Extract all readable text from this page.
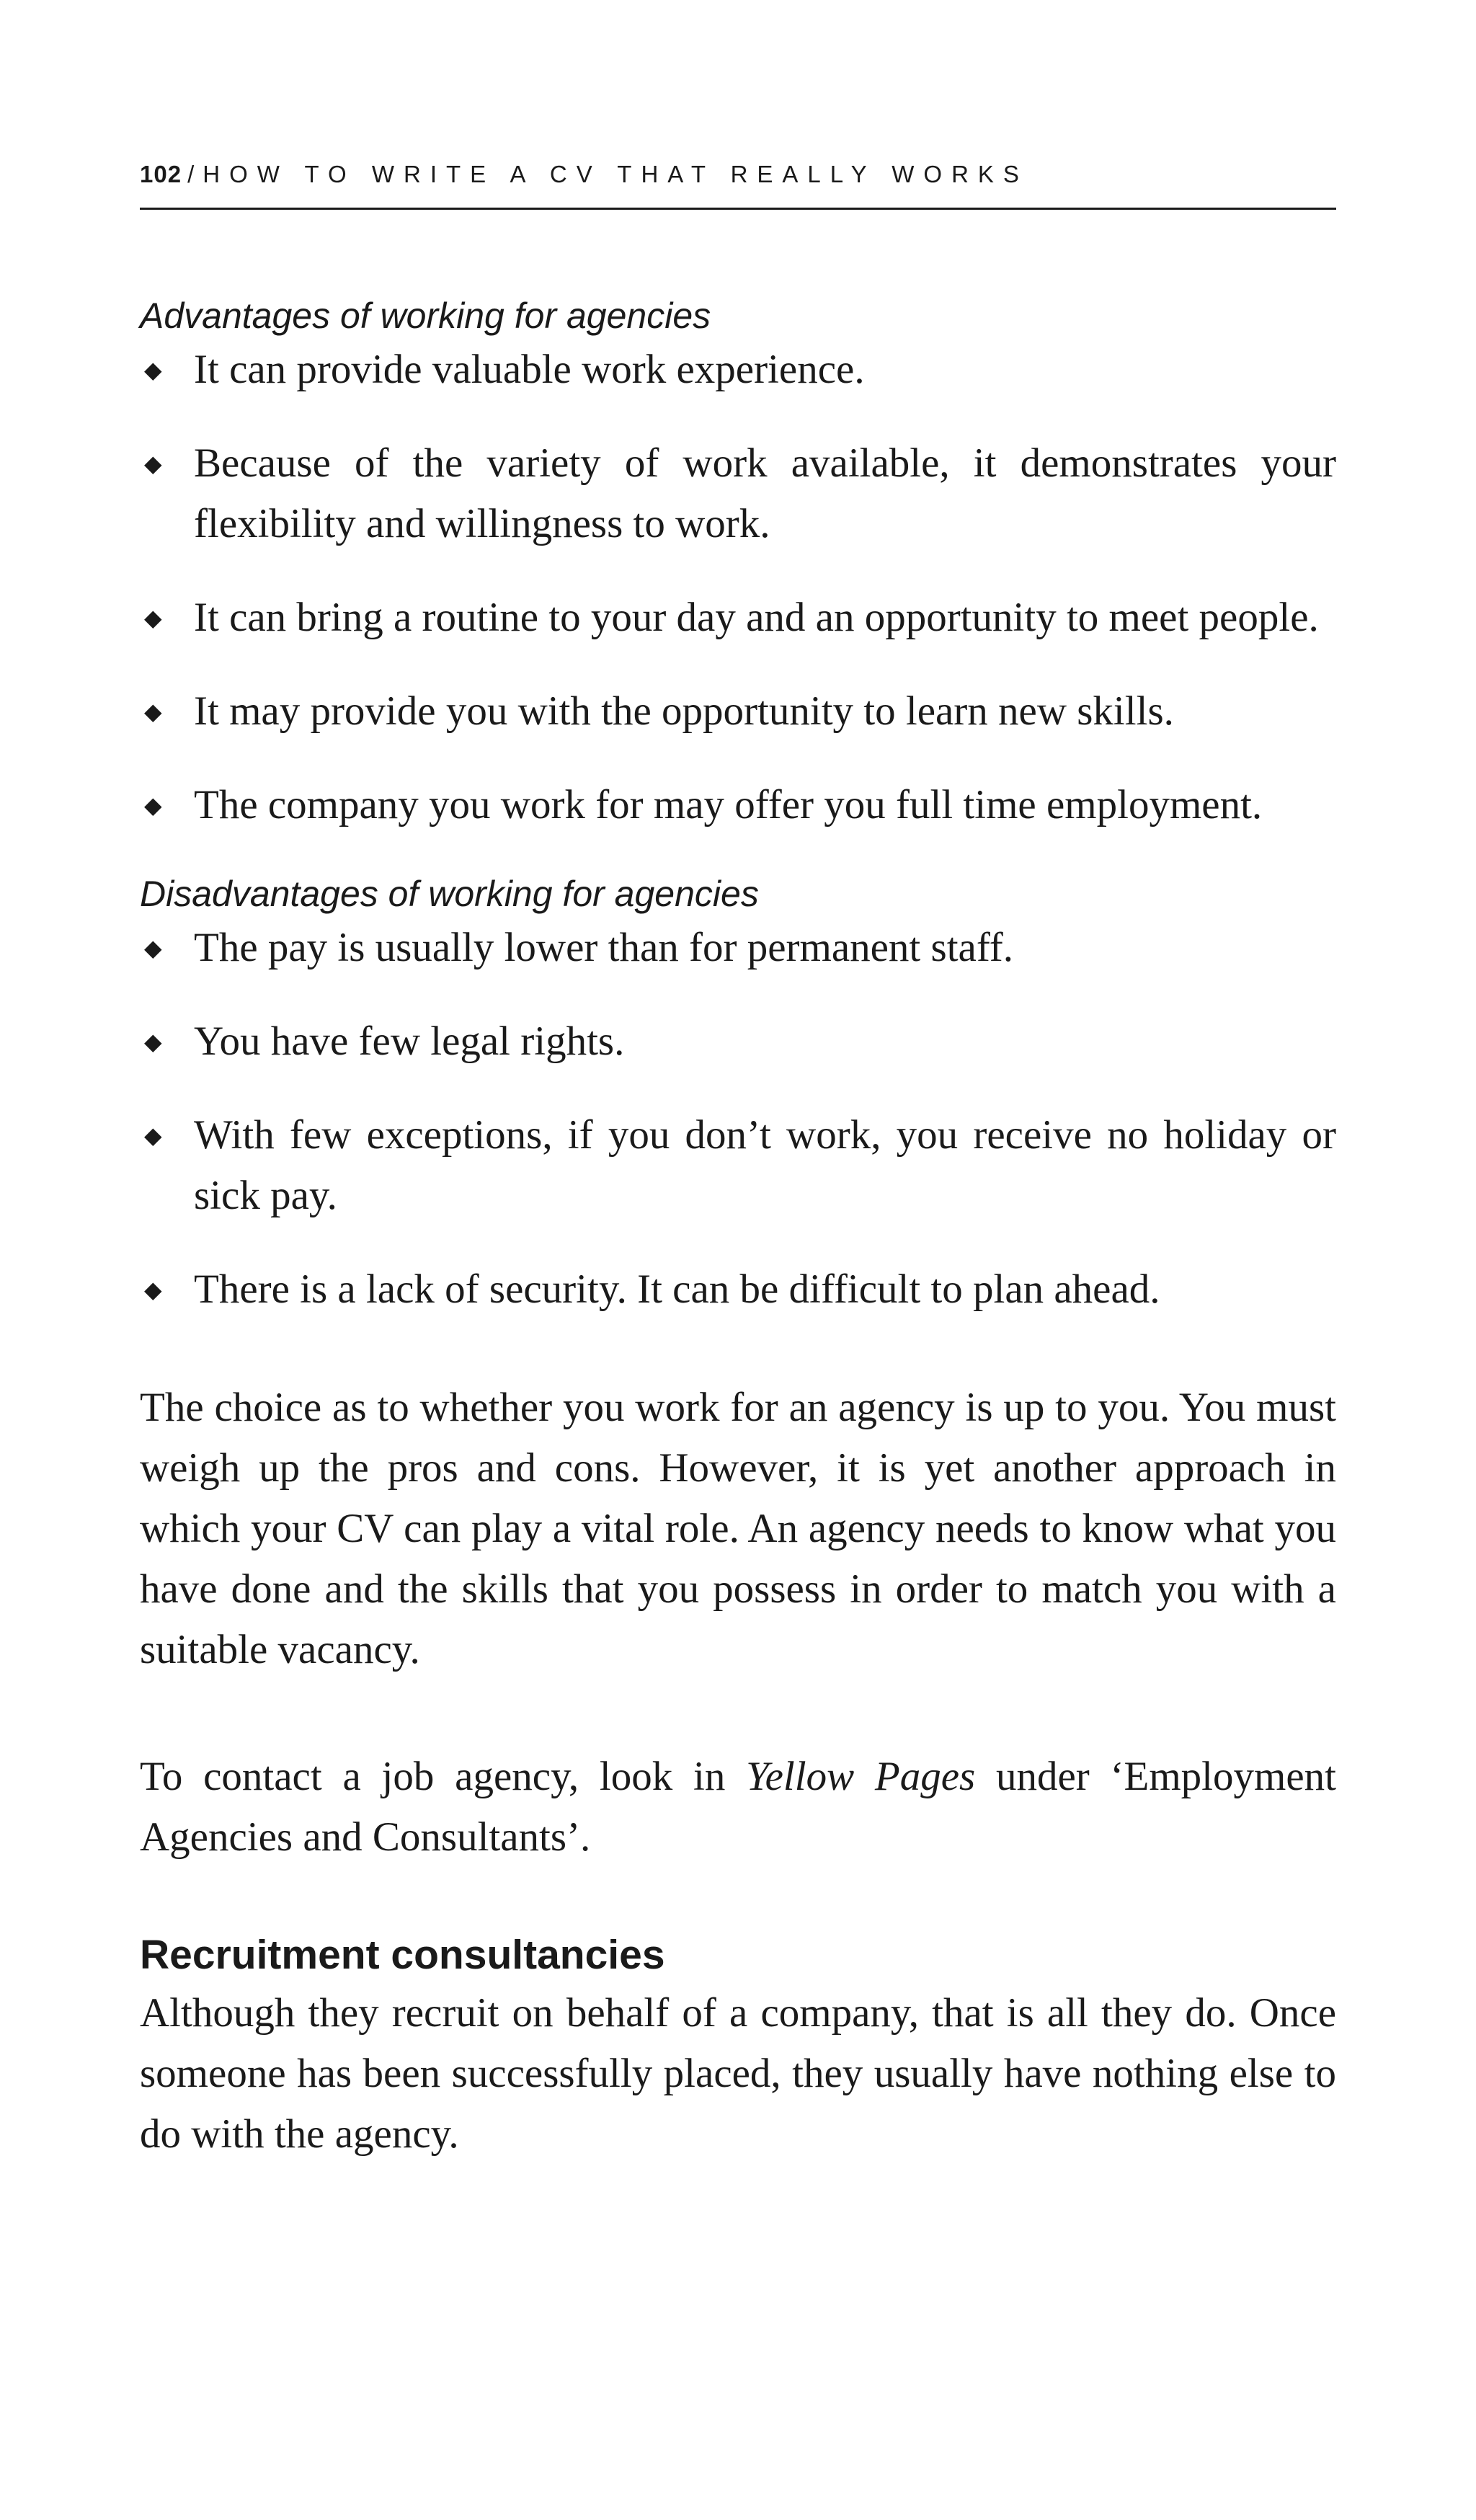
102 / HOW TO WRITE A CV THAT REALLY WORKS

Advantages of working for agencies

◆ It can provide valuable work experience.
◆ Because of the variety of work available, it demonstrates your flexibility and willingness to work.
◆ It can bring a routine to your day and an opportunity to meet people.
◆ It may provide you with the opportunity to learn new skills.
◆ The company you work for may offer you full time employment.

Disadvantages of working for agencies

◆ The pay is usually lower than for permanent staff.
◆ You have few legal rights.
◆ With few exceptions, if you don’t work, you receive no holiday or sick pay.
◆ There is a lack of security. It can be difficult to plan ahead.

The choice as to whether you work for an agency is up to you. You must weigh up the pros and cons. However, it is yet another approach in which your CV can play a vital role. An agency needs to know what you have done and the skills that you possess in order to match you with a suitable vacancy.

To contact a job agency, look in Yellow Pages under ‘Employment Agencies and Consultants’.

Recruitment consultancies

Although they recruit on behalf of a company, that is all they do. Once someone has been successfully placed, they usually have nothing else to do with the agency.
